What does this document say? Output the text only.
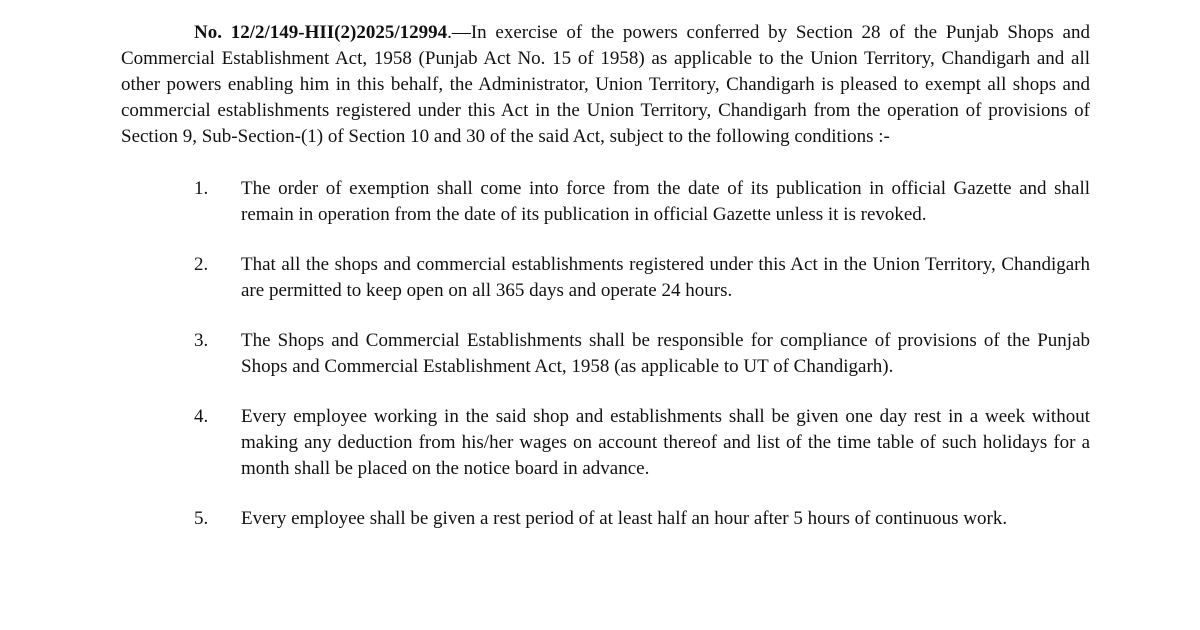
No. 12/2/149-HII(2)2025/12994.—In exercise of the powers conferred by Section 28 of the Punjab Shops and Commercial Establishment Act, 1958 (Punjab Act No. 15 of 1958) as applicable to the Union Territory, Chandigarh and all other powers enabling him in this behalf, the Administrator, Union Territory, Chandigarh is pleased to exempt all shops and commercial establishments registered under this Act in the Union Territory, Chandigarh from the operation of provisions of Section 9, Sub-Section-(1) of Section 10 and 30 of the said Act, subject to the following conditions :-

1.	The order of exemption shall come into force from the date of its publication in official Gazette and shall remain in operation from the date of its publication in official Gazette unless it is revoked.
2.	That all the shops and commercial establishments registered under this Act in the Union Territory, Chandigarh are permitted to keep open on all 365 days and operate 24 hours.
3.	The Shops and Commercial Establishments shall be responsible for compliance of provisions of the Punjab Shops and Commercial Establishment Act, 1958 (as applicable to UT of Chandigarh).
4.	Every employee working in the said shop and establishments shall be given one day rest in a week without making any deduction from his/her wages on account thereof and list of the time table of such holidays for a month shall be placed on the notice board in advance.
5.	Every employee shall be given a rest period of at least half an hour after 5 hours of continuous work.
